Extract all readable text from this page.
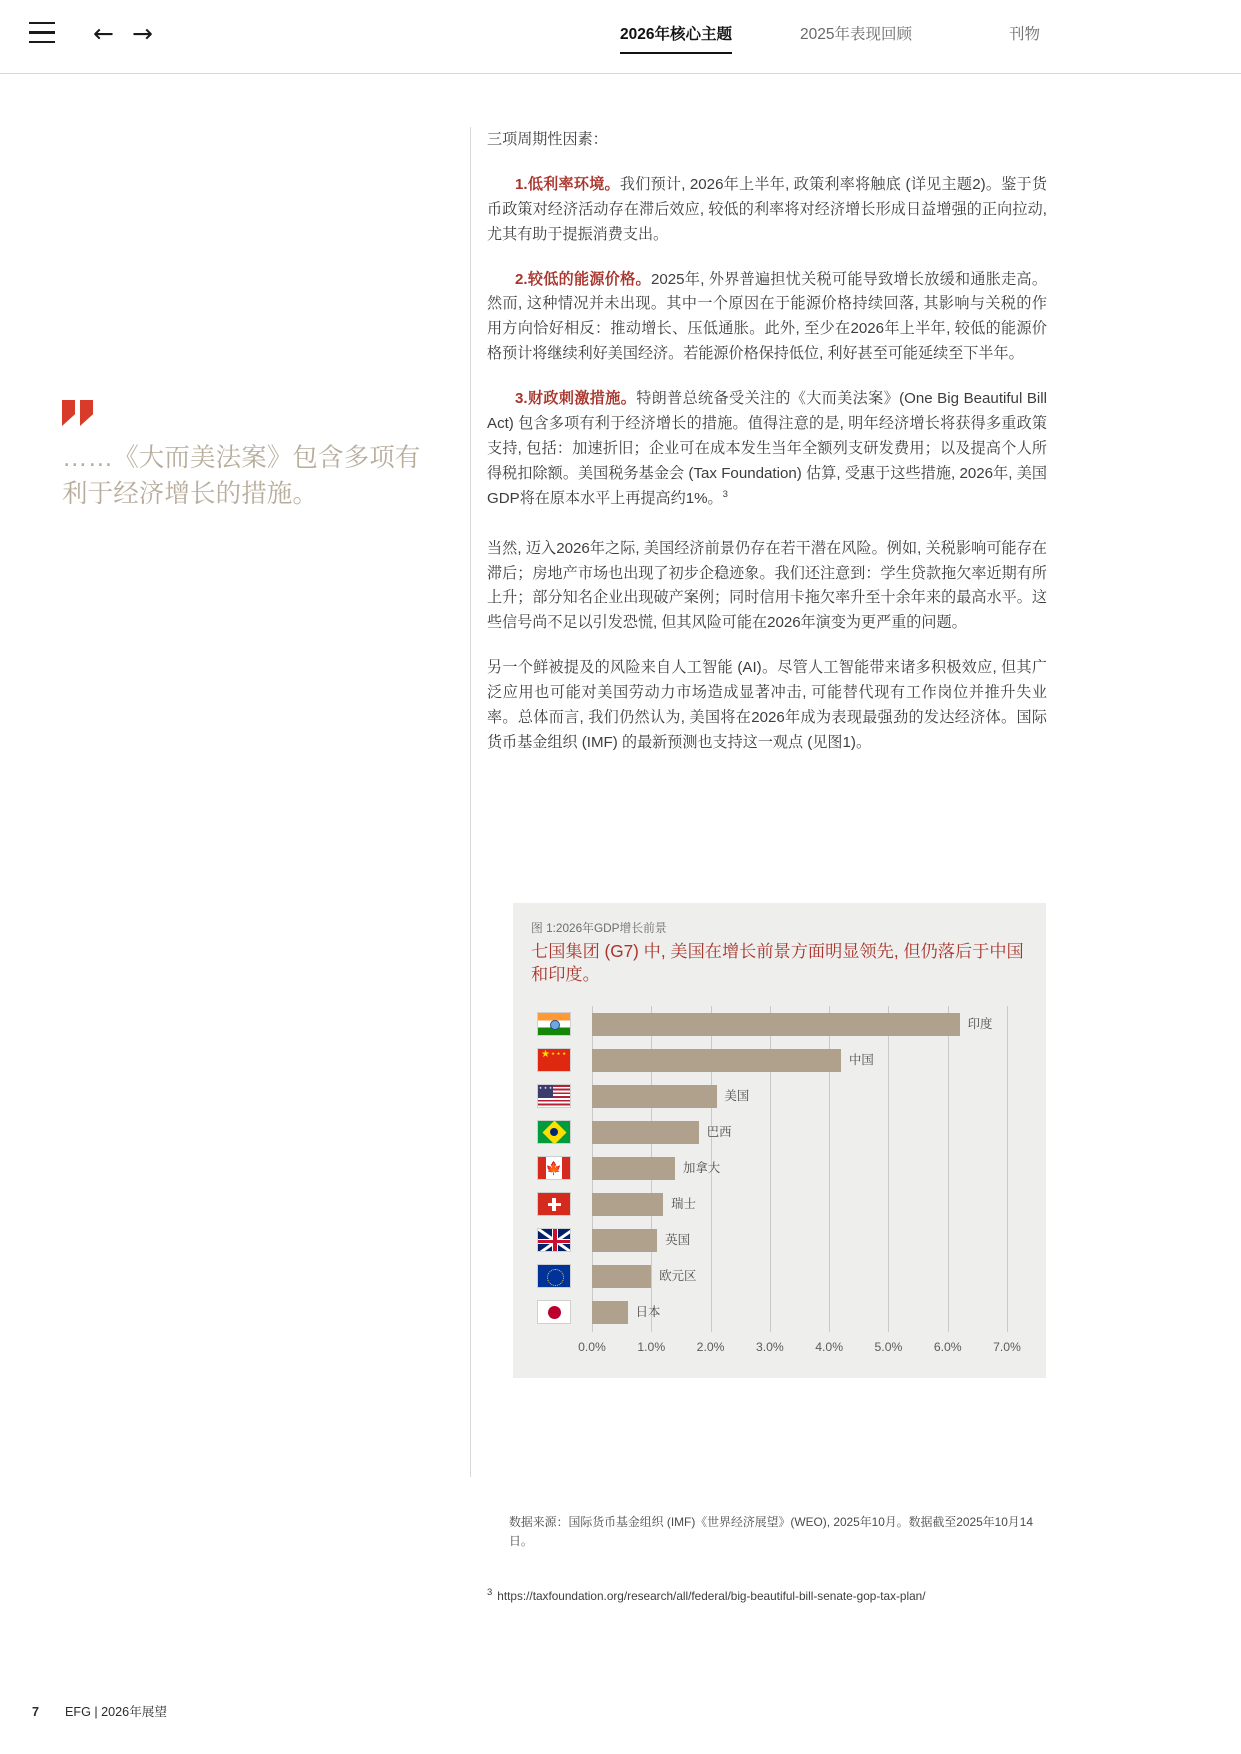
← →	2026年核心主题	2025年表现回顾	刊物
……《大而美法案》包含多项有利于经济增长的措施。

三项周期性因素：

1.低利率环境。我们预计, 2026年上半年, 政策利率将触底 (详见主题2)。鉴于货币政策对经济活动存在滞后效应, 较低的利率将对经济增长形成日益增强的正向拉动, 尤其有助于提振消费支出。

2.较低的能源价格。2025年, 外界普遍担忧关税可能导致增长放缓和通胀走高。然而, 这种情况并未出现。其中一个原因在于能源价格持续回落, 其影响与关税的作用方向恰好相反：推动增长、压低通胀。此外, 至少在2026年上半年, 较低的能源价格预计将继续利好美国经济。若能源价格保持低位, 利好甚至可能延续至下半年。

3.财政刺激措施。特朗普总统备受关注的《大而美法案》(One Big Beautiful Bill Act) 包含多项有利于经济增长的措施。值得注意的是, 明年经济增长将获得多重政策支持, 包括：加速折旧；企业可在成本发生当年全额列支研发费用；以及提高个人所得税扣除额。美国税务基金会 (Tax Foundation) 估算, 受惠于这些措施, 2026年, 美国GDP将在原本水平上再提高约1%。$^3$

当然, 迈入2026年之际, 美国经济前景仍存在若干潜在风险。例如, 关税影响可能存在滞后；房地产市场也出现了初步企稳迹象。我们还注意到：学生贷款拖欠率近期有所上升；部分知名企业出现破产案例；同时信用卡拖欠率升至十余年来的最高水平。这些信号尚不足以引发恐慌, 但其风险可能在2026年演变为更严重的问题。

另一个鲜被提及的风险来自人工智能 (AI)。尽管人工智能带来诸多积极效应, 但其广泛应用也可能对美国劳动力市场造成显著冲击, 可能替代现有工作岗位并推升失业率。总体而言, 我们仍然认为, 美国将在2026年成为表现最强劲的发达经济体。国际货币基金组织 (IMF) 的最新预测也支持这一观点 (见图1)。

图 1:2026年GDP增长前景
七国集团 (G7) 中, 美国在增长前景方面明显领先, 但仍落后于中国和印度。
印度
★ ★★★
中国
★ ★ ★
美国
巴西
🍁
加拿大
瑞士
英国
欧元区
日本
0.0%	1.0%	2.0%	3.0%	4.0%	5.0%	6.0%	7.0%
数据来源：国际货币基金组织 (IMF)《世界经济展望》(WEO), 2025年10月。数据截至2025年10月14日。
$^3$ https://taxfoundation.org/research/all/federal/big-beautiful-bill-senate-gop-tax-plan/
7 EFG | 2026年展望
